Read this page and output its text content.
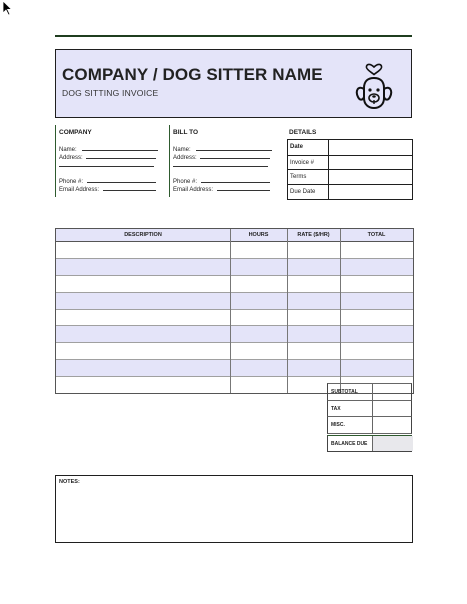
COMPANY / DOG SITTER NAME
DOG SITTING INVOICE
COMPANY
Name:
Address:
Phone #:
Email Address:
BILL TO
Name:
Address:
Phone #:
Email Address:
DETAILS
Date
Invoice #
Terms
Due Date
DESCRIPTION	HOURS	RATE ($/HR)	TOTAL
SUBTOTAL
TAX
MISC.
BALANCE DUE
NOTES:
